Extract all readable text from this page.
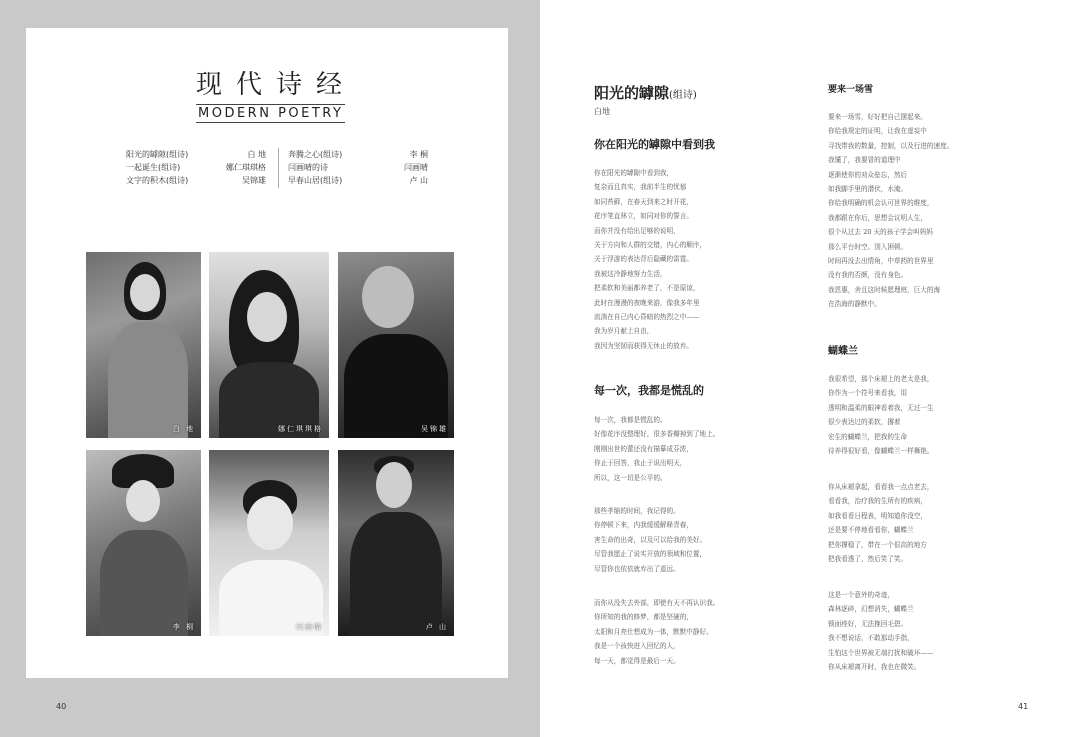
现代诗经
MODERN POETRY
阳光的罅隙(组诗)	白 地
一起诞生(组诗)	娜仁琪琪格
文字的积木(组诗)	吴锦雄
奔腾之心(组诗)	李 桐
闫画晴的诗	闫画晴
早春山居(组诗)	卢 山
白 地	娜仁琪琪格	吴锦雄
李 桐	闫画晴	卢 山
40
阳光的罅隙(组诗)
白地
你在阳光的罅隙中看到我
你在阳光的罅隙中看到我，
复杂而且真实，我前半生的忧郁
如同苔藓，在春天到来之时开花，
花序笔直林立，如同对你的誓言。
而你并没有给出足够的说明，
关于方向和人群的交错，内心的顺序，
关于浮游的表达背后隐藏的雷霆。
我被这冷静地努力生活，
把柔软和美丽都养老了，不是原谅，
此时在漫漫的夜晚来游，像我多年里
流淌在自己内心昏暗的热烈之中——
我为岁月献上自由，
我因为坚韧而获得无休止的放弃。
每一次，我都是慌乱的
每一次，我都是慌乱的。
好像花序没整理好，很多香瓣掉到了地上。
刚刚出世的蕾还没有描摹成芬浓，
你止于回答，我止于说出明天，
所以，这一切是公平的。
那些孝缩的时间，我记得的。
你停顿下来，内我缓缓解释青春，
害生命的出奇，以及可以给我的美好。
尽管我愿止了说实开放的领域和位置，
尽管你也依依就弃出了遥远。
而你从没失去外部，即使有天不再认识我。
你所知的我的修梦，都是坚硬的，
太阳和月亮仕想成为一体，默默中静好。
我是一个孩快进入回忆的人，
每一天，都觉得是最后一天。
要来一场雪
要来一场雪，好好把自己摆起来。
你给我规定的证明，让我在虚妄中
寻找带我的数量，控制，以及行进的速度。
我懂了，我要冒的道理中
逐渐使你的劝众垒忘，然后
如我脚手里的潜伏，水淹。
你给我明确的机会认可世界的维度，
我都跟在你后，思想会议明人生，
很个从过去 20 天的孩子学会叫妈妈
那么平台时空。别入困顿。
时间再没去出情角，中草药的世界里
没有我的否颜，没有身色。
我恩惠，舍且这时候愿理庭，巨大的海
在浩海的静默中。
蝴蝶兰
我很希望，那个床褪上的老太是我，
你作为一个符号来看我，用
透明和温柔的眼神看着我，无过一生
很少表达过的柔软，撂着
宏生的蝴蝶兰，把我的生命
待养得很好看，像蝴蝶兰一样舞艳。
你从床褪拿起，看看我一点点老去，
看看我，治疗我的生所有的疾病，
如我看看日程表，明知道你没空，
还是要不停地看看你，蝴蝶兰
把你撑稳了，带在一个很高的地方
把我看透了，然后笑了笑。
这是一个意外的奇迹，
森林逐碎，幻想消失，蝴蝶兰
锁面痊好，无法挽回毛碧。
我不想说话，不敢那动手指，
生怕这个世界被无端打扰和破坏——
你从床褪离开时，我也在微笑。
41
